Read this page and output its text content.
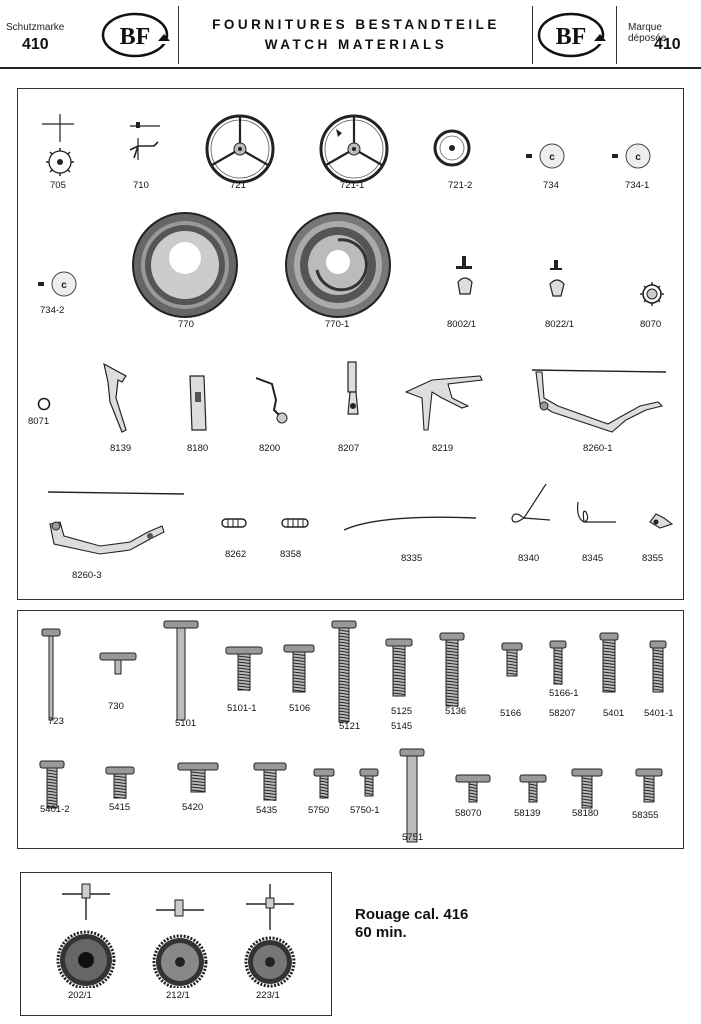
Schutzmarke
410	BF	FOURNITURES BESTANDTEILE
WATCH MATERIALS	BF	Marque déposée
410
c	c
705	710	721	721-1	721-2	734	734-1
c
734-2
770	770-1	8002/1	8022/1	8070
8071
8139	8180	8200	8207	8219	8260-1
8260-3
8262	8358	8335	8340	8345	8355
723
730
5101
5101-1	5106
5121
5125
5145
5136	5166
5166-1
58207	5401 5401-1
5401-2	5415	5420	5435	5750 5750-1
5751
58070	58139	58180	58355
202/1	212/1	223/1
Rouage cal. 416
60 min.
